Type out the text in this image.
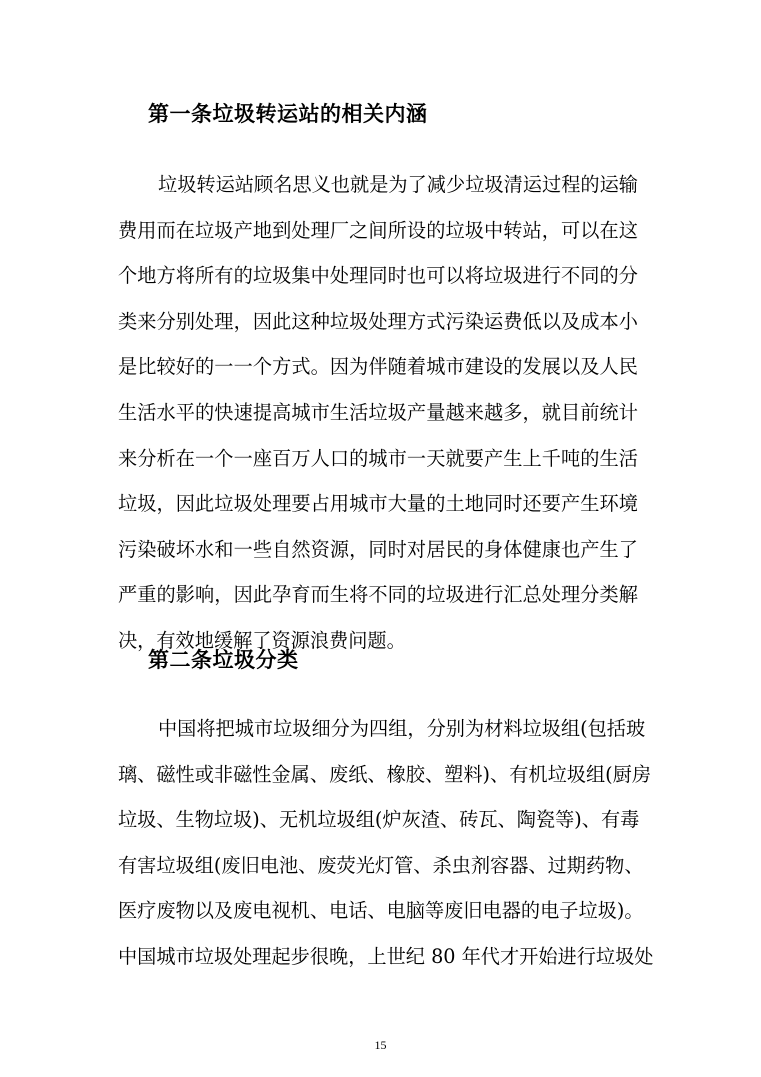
第一条垃圾转运站的相关内涵
垃圾转运站顾名思义也就是为了减少垃圾清运过程的运输
费用而在垃圾产地到处理厂之间所设的垃圾中转站，可以在这
个地方将所有的垃圾集中处理同时也可以将垃圾进行不同的分
类来分别处理，因此这种垃圾处理方式污染运费低以及成本小
是比较好的一一个方式。因为伴随着城市建设的发展以及人民
生活水平的快速提高城市生活垃圾产量越来越多，就目前统计
来分析在一个一座百万人口的城市一天就要产生上千吨的生活
垃圾，因此垃圾处理要占用城市大量的土地同时还要产生环境
污染破坏水和一些自然资源，同时对居民的身体健康也产生了
严重的影响，因此孕育而生将不同的垃圾进行汇总处理分类解
决，有效地缓解了资源浪费问题。
第二条垃圾分类
中国将把城市垃圾细分为四组，分别为材料垃圾组(包括玻
璃、磁性或非磁性金属、废纸、橡胶、塑料)、有机垃圾组(厨房
垃圾、生物垃圾)、无机垃圾组(炉灰渣、砖瓦、陶瓷等)、有毒
有害垃圾组(废旧电池、废荧光灯管、杀虫剂容器、过期药物、
医疗废物以及废电视机、电话、电脑等废旧电器的电子垃圾)。
中国城市垃圾处理起步很晚，上世纪 80 年代才开始进行垃圾处
15
